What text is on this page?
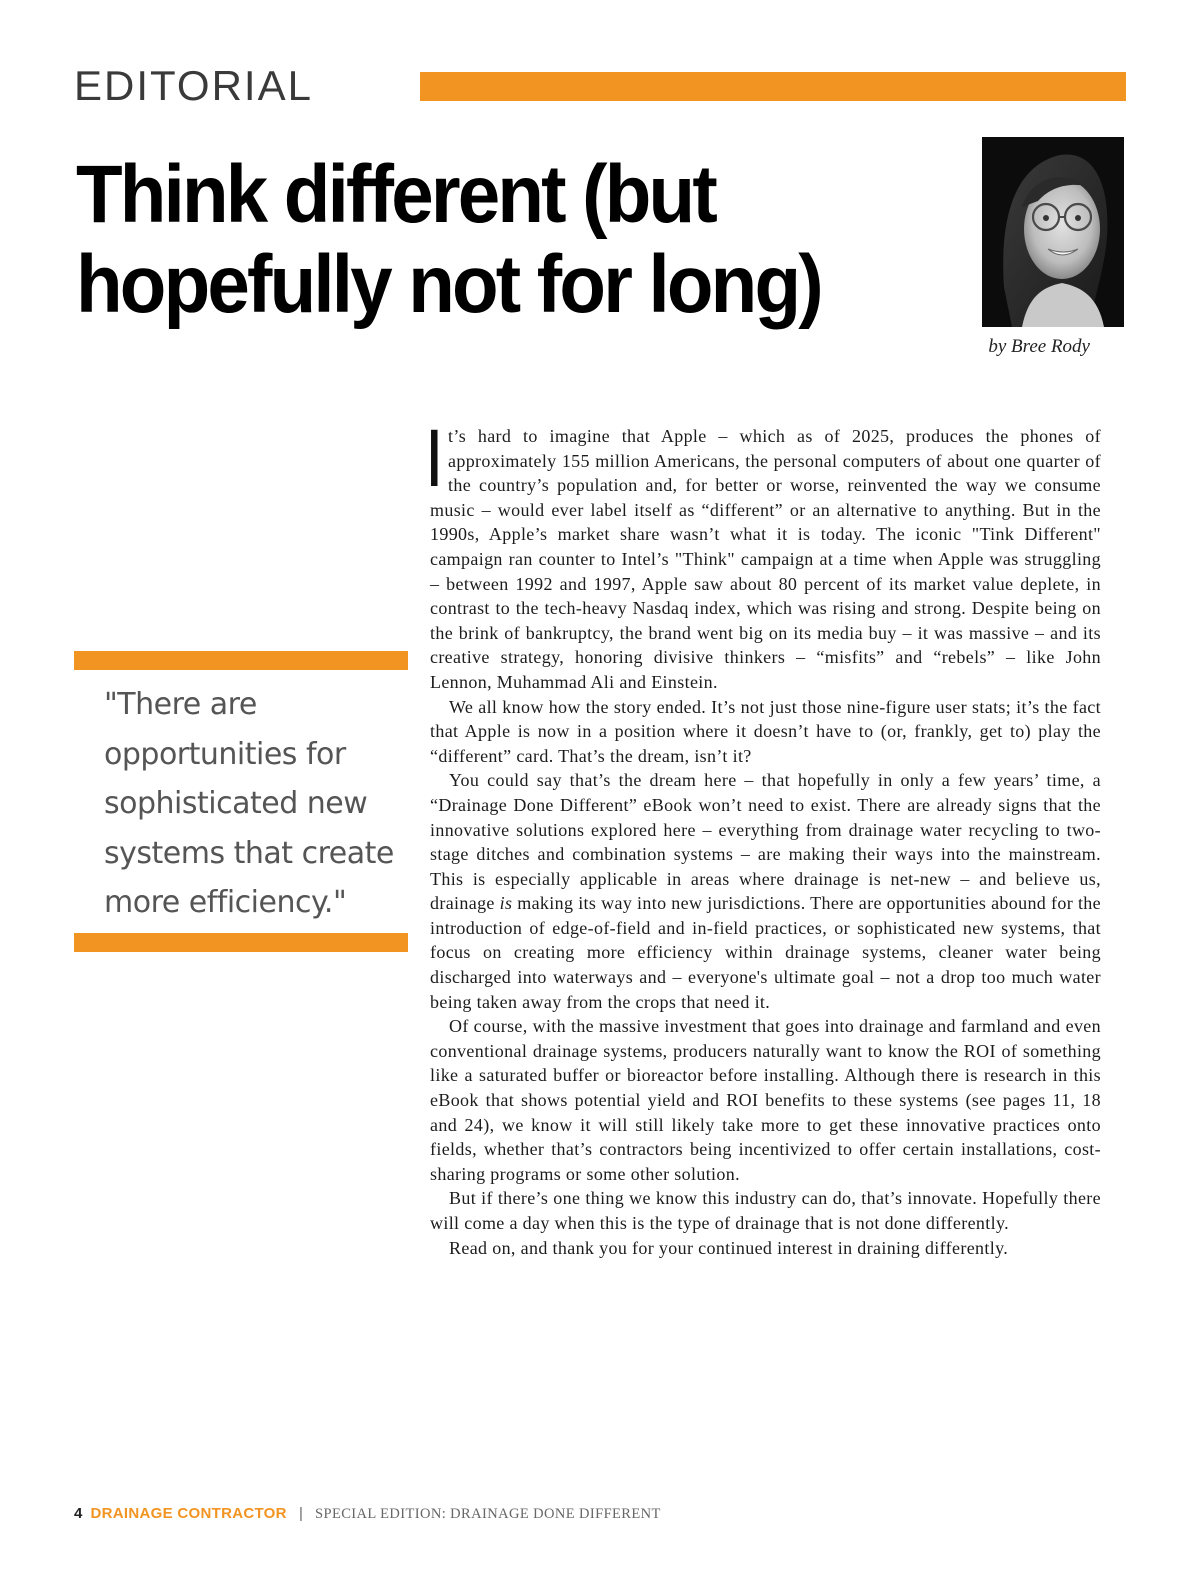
EDITORIAL
Think different (but
hopefully not for long)
by Bree Rody
"There are opportunities for sophisticated new systems that create more efficiency."

It’s hard to imagine that Apple – which as of 2025, produces the phones of approximately 155 million Americans, the personal computers of about one quarter of the country’s population and, for better or worse, reinvented the way we consume music – would ever label itself as “different” or an alternative to anything. But in the 1990s, Apple’s market share wasn’t what it is today. The iconic "Tink Different" campaign ran counter to Intel’s "Think" campaign at a time when Apple was struggling – between 1992 and 1997, Apple saw about 80 percent of its market value deplete, in contrast to the tech-heavy Nasdaq index, which was rising and strong. Despite being on the brink of bankruptcy, the brand went big on its media buy – it was massive – and its creative strategy, honoring divisive thinkers – “misfits” and “rebels” – like John Lennon, Muhammad Ali and Einstein.

We all know how the story ended. It’s not just those nine-figure user stats; it’s the fact that Apple is now in a position where it doesn’t have to (or, frankly, get to) play the “different” card. That’s the dream, isn’t it?

You could say that’s the dream here – that hopefully in only a few years’ time, a “Drainage Done Different” eBook won’t need to exist. There are already signs that the innovative solutions explored here – everything from drainage water recycling to two-stage ditches and combination systems – are making their ways into the mainstream. This is especially applicable in areas where drainage is net-new – and believe us, drainage is making its way into new jurisdictions. There are opportunities abound for the introduction of edge-of-field and in-field practices, or sophisticated new systems, that focus on creating more efficiency within drainage systems, cleaner water being discharged into waterways and – everyone's ultimate goal – not a drop too much water being taken away from the crops that need it.

Of course, with the massive investment that goes into drainage and farmland and even conventional drainage systems, producers naturally want to know the ROI of something like a saturated buffer or bioreactor before installing. Although there is research in this eBook that shows potential yield and ROI benefits to these systems (see pages 11, 18 and 24), we know it will still likely take more to get these innovative practices onto fields, whether that’s contractors being incentivized to offer certain installations, cost-sharing programs or some other solution.

But if there’s one thing we know this industry can do, that’s innovate. Hopefully there will come a day when this is the type of drainage that is not done differently.

Read on, and thank you for your continued interest in draining differently.

4 DRAINAGE CONTRACTOR | SPECIAL EDITION: DRAINAGE DONE DIFFERENT
